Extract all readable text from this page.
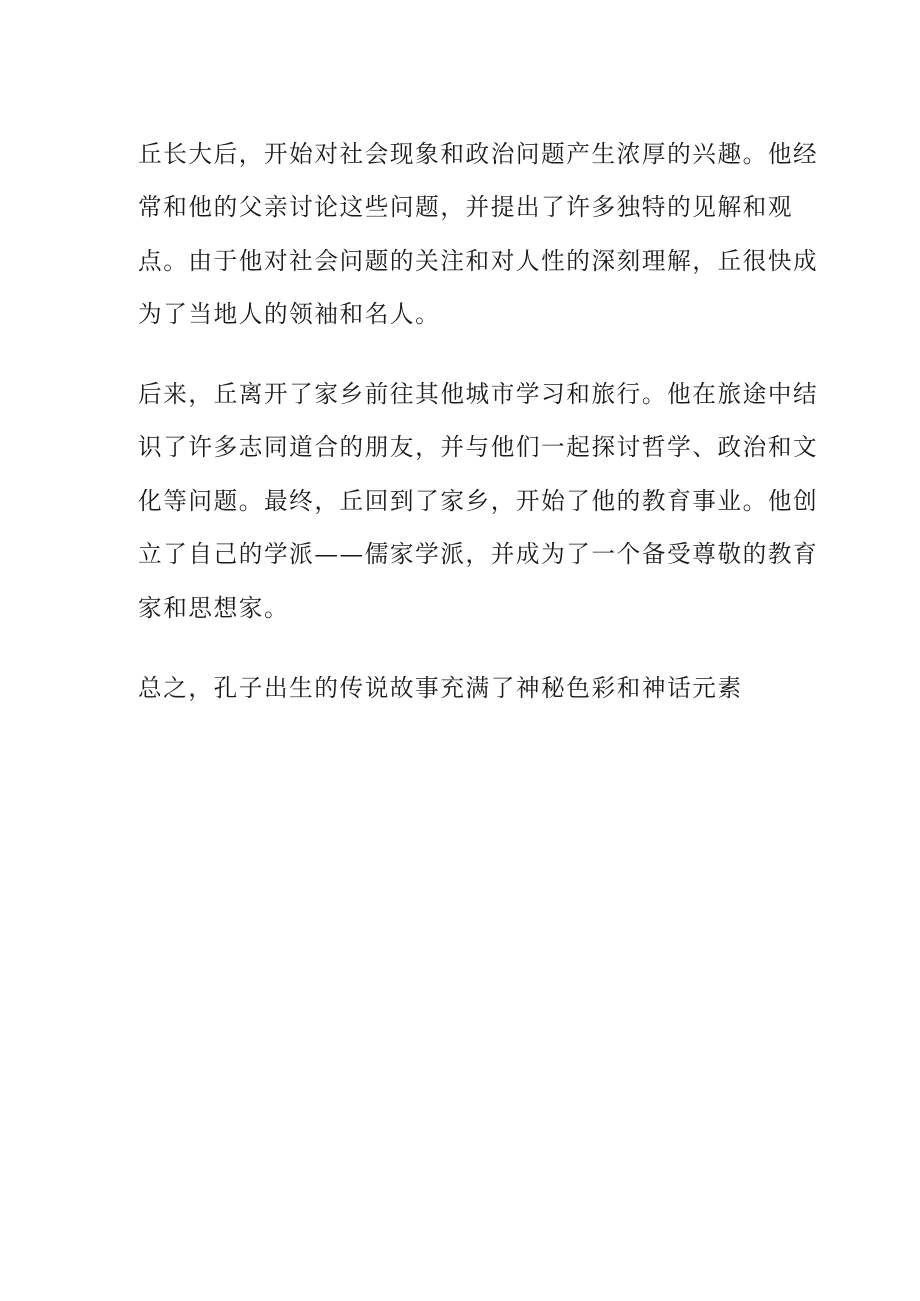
丘长大后，开始对社会现象和政治问题产生浓厚的兴趣。他经
常和他的父亲讨论这些问题，并提出了许多独特的见解和观
点。由于他对社会问题的关注和对人性的深刻理解，丘很快成
为了当地人的领袖和名人。
后来，丘离开了家乡前往其他城市学习和旅行。他在旅途中结
识了许多志同道合的朋友，并与他们一起探讨哲学、政治和文
化等问题。最终，丘回到了家乡，开始了他的教育事业。他创
立了自己的学派——儒家学派，并成为了一个备受尊敬的教育
家和思想家。
总之，孔子出生的传说故事充满了神秘色彩和神话元素
